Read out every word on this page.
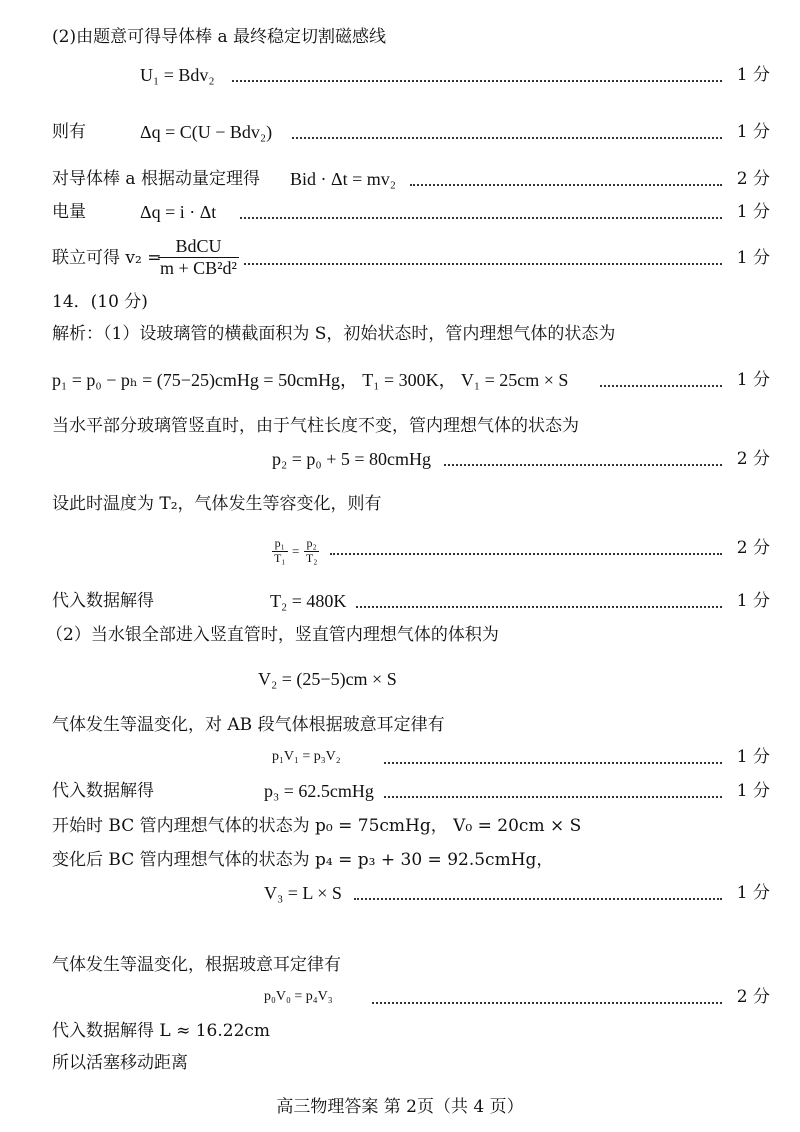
(2)由题意可得导体棒 a 最终稳定切割磁感线
U₁ = Bdv₂	1 分
则有	Δq = C(U − Bdv₂)	1 分
对导体棒 a 根据动量定理得 Bid · Δt = mv₂	2 分
电量	Δq = i · Δt	1 分
联立可得 v₂ =
$\frac{\text{BdCU}}{\text{m + CB²d²}}$	1 分
14．(10 分)
解析：（1）设玻璃管的横截面积为 S，初始状态时，管内理想气体的状态为
p₁ = p₀ − pₕ = (75−25)cmHg = 50cmHg， T₁ = 300K， V₁ = 25cm × S	1 分
当水平部分玻璃管竖直时，由于气柱长度不变，管内理想气体的状态为
p₂ = p₀ + 5 = 80cmHg	2 分
设此时温度为 T₂，气体发生等容变化，则有
$\frac{\text{p₁}}{\text{T₁}} = \frac{\text{p₂}}{\text{T₂}}$	2 分
代入数据解得	T₂ = 480K	1 分
（2）当水银全部进入竖直管时，竖直管内理想气体的体积为
V₂ = (25−5)cm × S
气体发生等温变化，对 AB 段气体根据玻意耳定律有
p₁V₁ = p₃V₂	1 分
代入数据解得	p₃ = 62.5cmHg	1 分
开始时 BC 管内理想气体的状态为 p₀ = 75cmHg， V₀ = 20cm × S
变化后 BC 管内理想气体的状态为 p₄ = p₃ + 30 = 92.5cmHg，
V₃ = L × S	1 分
气体发生等温变化，根据玻意耳定律有
p₀V₀ = p₄V₃	2 分
代入数据解得 L ≈ 16.22cm
所以活塞移动距离
高三物理答案 第 2页（共 4 页）
